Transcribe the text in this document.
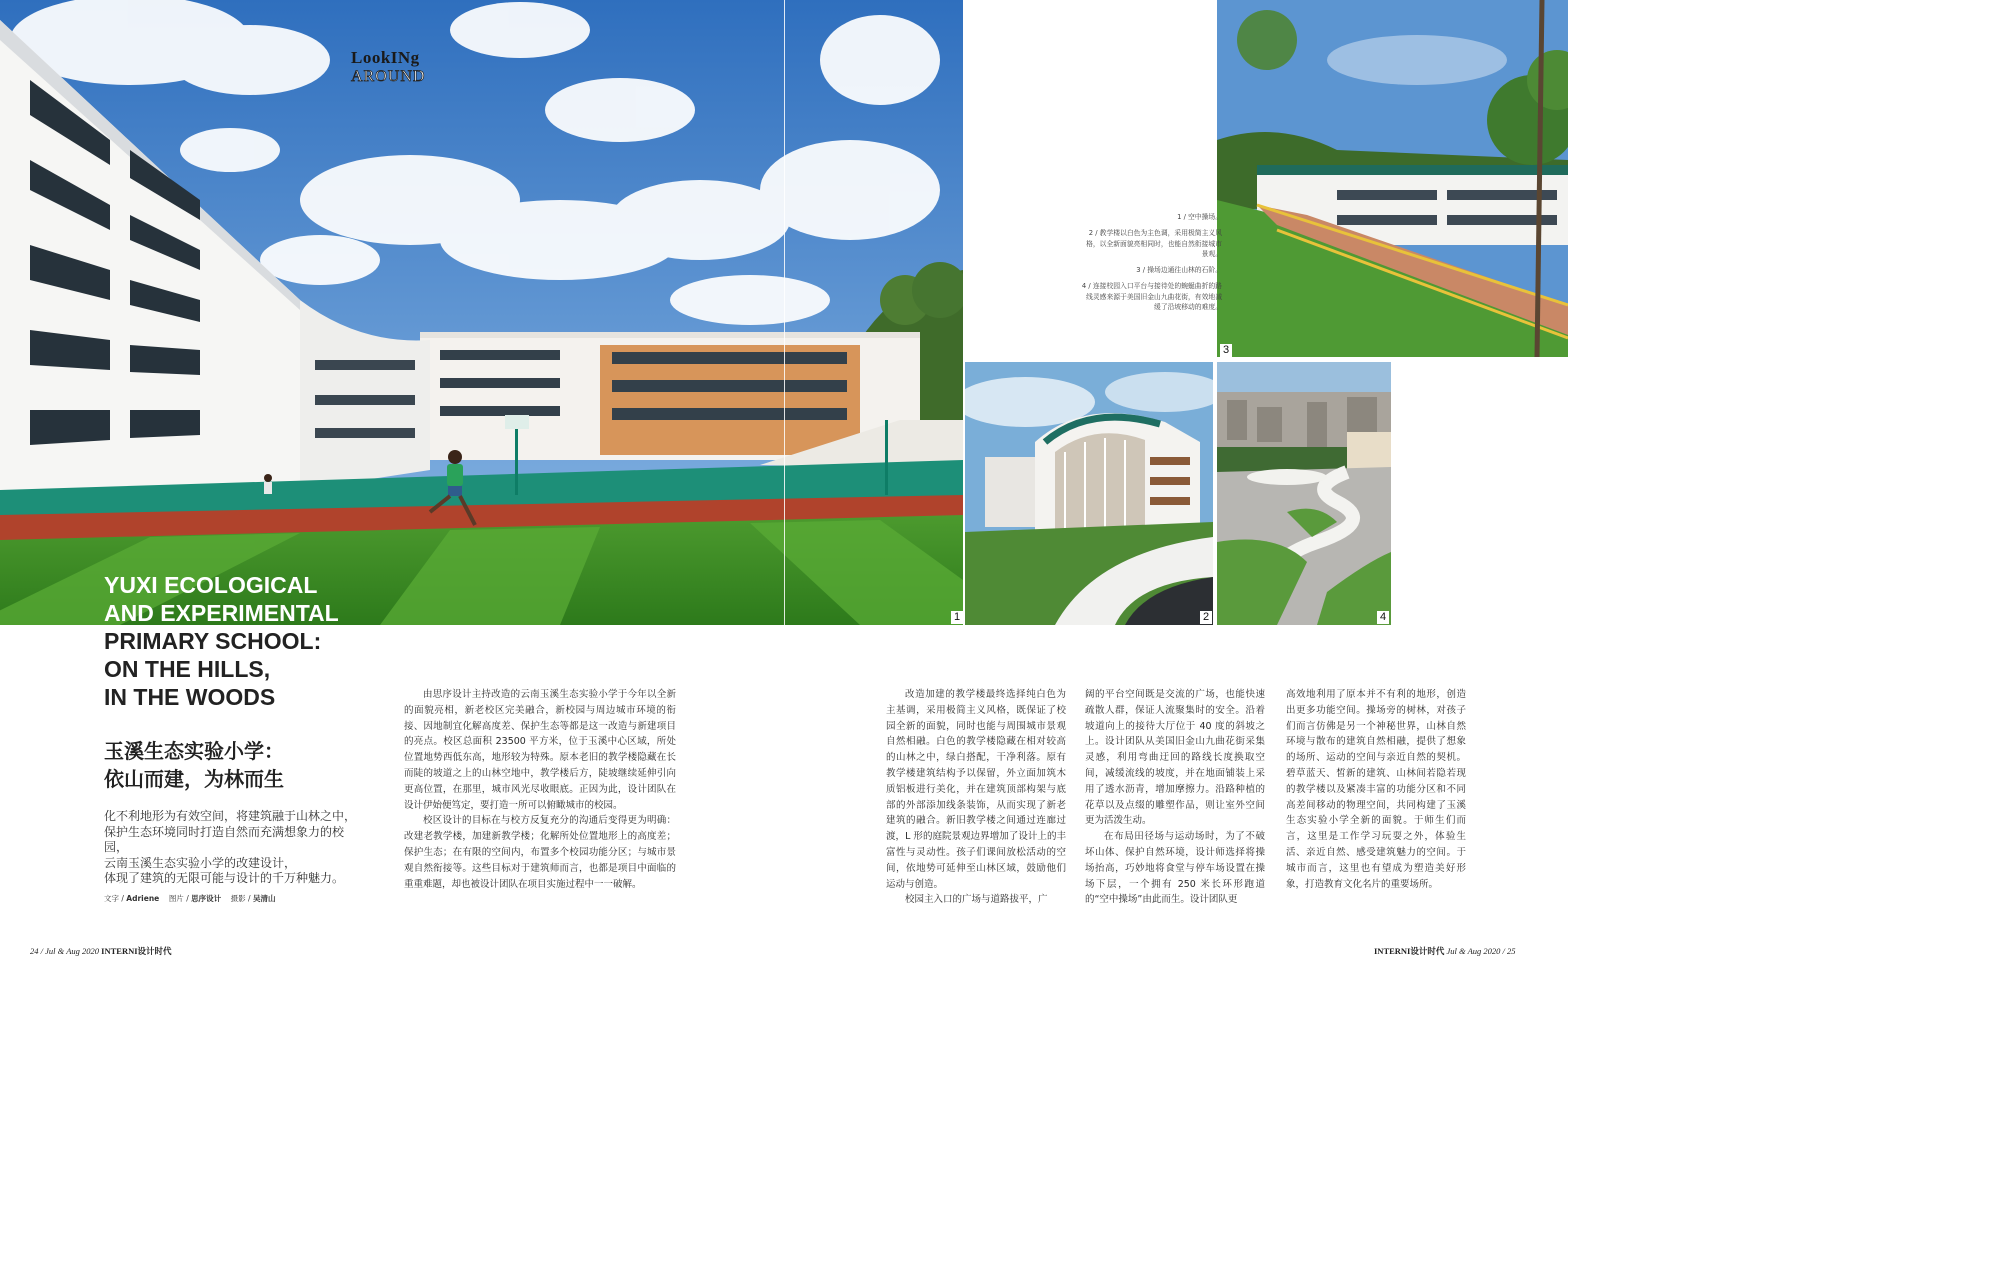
1	2
3
4
LookINg
AROUND
YUXI ECOLOGICAL
AND EXPERIMENTAL
PRIMARY SCHOOL:
ON THE HILLS,
IN THE WOODS
玉溪生态实验小学：
依山而建，为林而生
化不利地形为有效空间，将建筑融于山林之中，
保护生态环境同时打造自然而充满想象力的校园，
云南玉溪生态实验小学的改建设计，
体现了建筑的无限可能与设计的千万种魅力。
文字 / Adriene 图片 / 思序设计 摄影 / 吴清山

由思序设计主持改造的云南玉溪生态实验小学于今年以全新的面貌亮相，新老校区完美融合，新校园与周边城市环境的衔接、因地制宜化解高度差、保护生态等都是这一改造与新建项目的亮点。校区总面积 23500 平方米，位于玉溪中心区域，所处位置地势西低东高，地形较为特殊。原本老旧的教学楼隐藏在长而陡的坡道之上的山林空地中，教学楼后方，陡坡继续延伸引向更高位置，在那里，城市风光尽收眼底。正因为此，设计团队在设计伊始便笃定，要打造一所可以俯瞰城市的校园。

校区设计的目标在与校方反复充分的沟通后变得更为明确：改建老教学楼，加建新教学楼；化解所处位置地形上的高度差；保护生态；在有限的空间内，布置多个校园功能分区；与城市景观自然衔接等。这些目标对于建筑师而言，也都是项目中面临的重重难题，却也被设计团队在项目实施过程中一一破解。

改造加建的教学楼最终选择纯白色为主基调，采用极简主义风格，既保证了校园全新的面貌，同时也能与周围城市景观自然相融。白色的教学楼隐藏在相对较高的山林之中，绿白搭配，干净利落。原有教学楼建筑结构予以保留，外立面加筑木质铝板进行美化，并在建筑顶部构架与底部的外部添加线条装饰，从而实现了新老建筑的融合。新旧教学楼之间通过连廊过渡，L 形的庭院景观边界增加了设计上的丰富性与灵动性。孩子们课间放松活动的空间，依地势可延伸至山林区域，鼓励他们运动与创造。

校园主入口的广场与道路拔平，广

阔的平台空间既是交流的广场，也能快速疏散人群，保证人流聚集时的安全。沿着坡道向上的接待大厅位于 40 度的斜坡之上。设计团队从美国旧金山九曲花街采集灵感，利用弯曲迂回的路线长度换取空间，减缓流线的坡度，并在地面铺装上采用了透水沥青，增加摩擦力。沿路种植的花草以及点缀的雕塑作品，则让室外空间更为活泼生动。

在布局田径场与运动场时，为了不破坏山体、保护自然环境，设计师选择将操场抬高，巧妙地将食堂与停车场设置在操场下层，一个拥有 250 米长环形跑道的“空中操场”由此而生。设计团队更

高效地利用了原本并不有利的地形，创造出更多功能空间。操场旁的树林，对孩子们而言仿佛是另一个神秘世界，山林自然环境与散布的建筑自然相融，提供了想象的场所、运动的空间与亲近自然的契机。碧草蓝天、皙新的建筑、山林间若隐若现的教学楼以及紧凑丰富的功能分区和不同高差间移动的物理空间，共同构建了玉溪生态实验小学全新的面貌。于师生们而言，这里是工作学习玩耍之外，体验生活、亲近自然、感受建筑魅力的空间。于城市而言，这里也有望成为塑造美好形象，打造教育文化名片的重要场所。

1 / 空中操场。
2 / 教学楼以白色为主色调，采用极简主义风格，以全新面貌亮相同时，也能自然衔接城市景观。
3 / 操场边通往山林的石阶。
4 / 连接校园入口平台与接待处的蜿蜒曲折的路线灵感来源于美国旧金山九曲花街，有效地减缓了沿坡移动的难度。
24 / Jul & Aug 2020 INTERNI设计时代	INTERNI设计时代 Jul & Aug 2020 / 25
